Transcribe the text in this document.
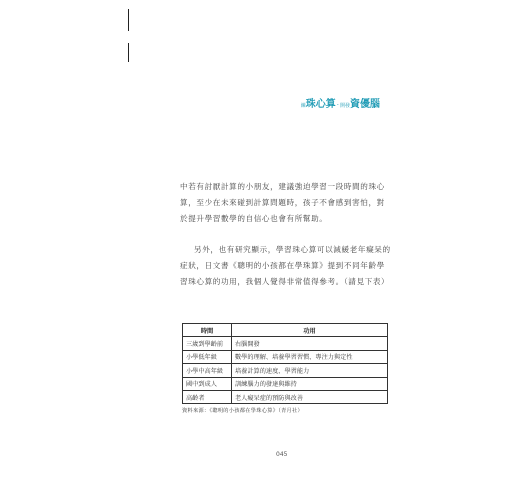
練 珠心算 · 開發 資優腦
中若有討厭計算的小朋友，建議強迫學習一段時間的珠心算，至少在未來碰到計算問題時，孩子不會感到害怕，對於提升學習數學的自信心也會有所幫助。
另外，也有研究顯示，學習珠心算可以減緩老年癡呆的症狀，日文書《聰明的小孩都在學珠算》提到不同年齡學習珠心算的功用，我個人覺得非常值得參考。（請見下表）
時間	功用
三歲到學齡前	右腦開發
小學低年級	數學的理解、培養學習習慣、專注力與定性
小學中高年級	培養計算的速度、學習能力
國中到成人	訓練腦力的發達與維持
高齡者	老人癡呆症的預防與改善
資料來源：《聰明的小孩都在學珠心算》（青月社）
045
